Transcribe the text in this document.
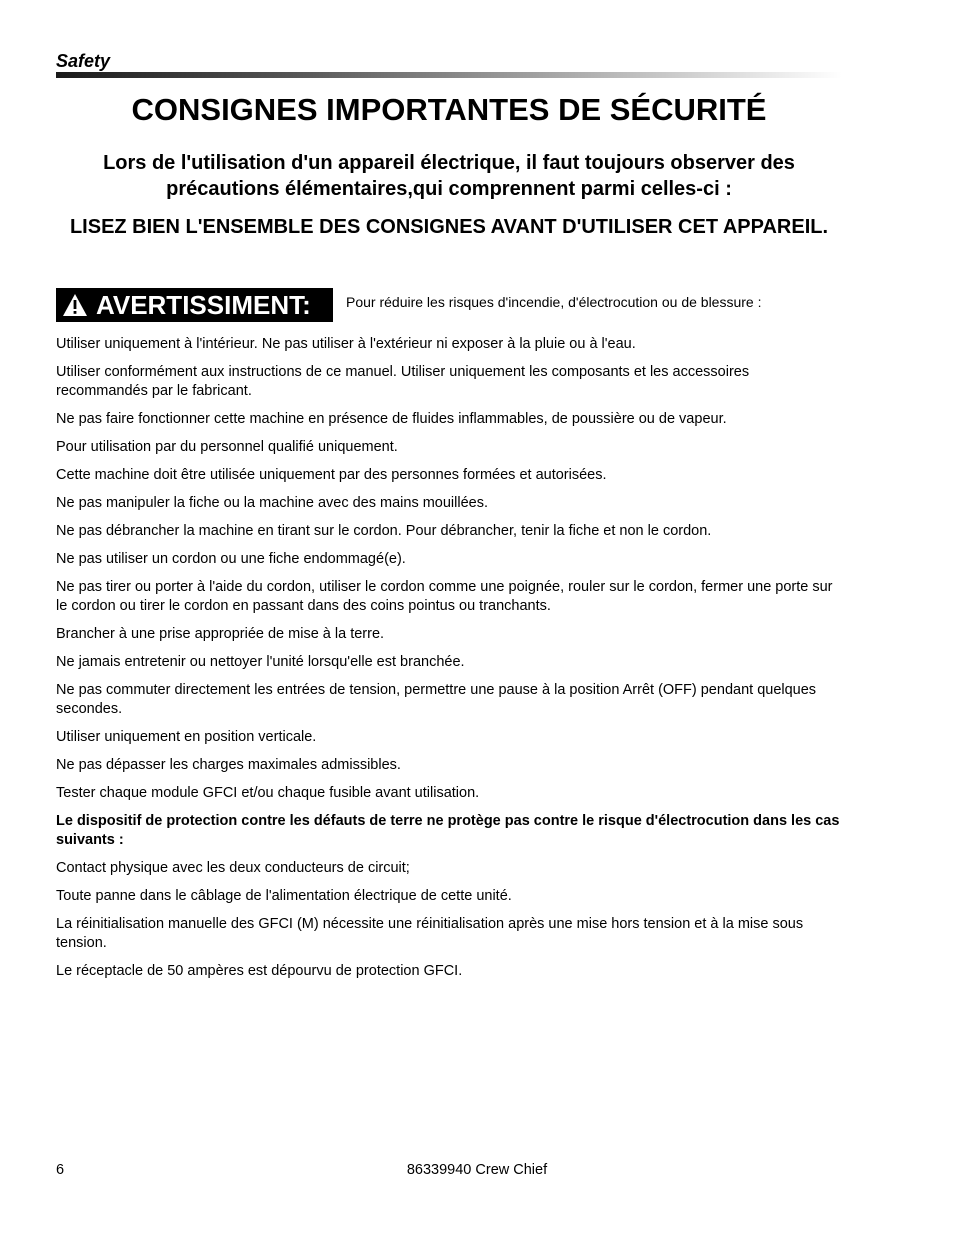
Safety
CONSIGNES IMPORTANTES DE SÉCURITÉ
Lors de l'utilisation d'un appareil électrique, il faut toujours observer des précautions élémentaires,qui comprennent parmi celles-ci :
LISEZ BIEN L'ENSEMBLE DES CONSIGNES AVANT D'UTILISER CET APPAREIL.
AVERTISSIMENT:	Pour réduire les risques d'incendie, d'électrocution ou de blessure :

Utiliser uniquement à l'intérieur. Ne pas utiliser à l'extérieur ni exposer à la pluie ou à l'eau.

Utiliser conformément aux instructions de ce manuel. Utiliser uniquement les composants et les accessoires recommandés par le fabricant.

Ne pas faire fonctionner cette machine en présence de fluides inflammables, de poussière ou de vapeur.

Pour utilisation par du personnel qualifié uniquement.

Cette machine doit être utilisée uniquement par des personnes formées et autorisées.

Ne pas manipuler la fiche ou la machine avec des mains mouillées.

Ne pas débrancher la machine en tirant sur le cordon. Pour débrancher, tenir la fiche et non le cordon.

Ne pas utiliser un cordon ou une fiche endommagé(e).

Ne pas tirer ou porter à l'aide du cordon, utiliser le cordon comme une poignée, rouler sur le cordon, fermer une porte sur le cordon ou tirer le cordon en passant dans des coins pointus ou tranchants.

Brancher à une prise appropriée de mise à la terre.

Ne jamais entretenir ou nettoyer l'unité lorsqu'elle est branchée.

Ne pas commuter directement les entrées de tension, permettre une pause à la position Arrêt (OFF) pendant quelques secondes.

Utiliser uniquement en position verticale.

Ne pas dépasser les charges maximales admissibles.

Tester chaque module GFCI et/ou chaque fusible avant utilisation.

Le dispositif de protection contre les défauts de terre ne protège pas contre le risque d'électrocution dans les cas suivants :

Contact physique avec les deux conducteurs de circuit;

Toute panne dans le câblage de l'alimentation électrique de cette unité.

La réinitialisation manuelle des GFCI (M) nécessite une réinitialisation après une mise hors tension et à la mise sous tension.

Le réceptacle de 50 ampères est dépourvu de protection GFCI.

6	86339940 Crew Chief
